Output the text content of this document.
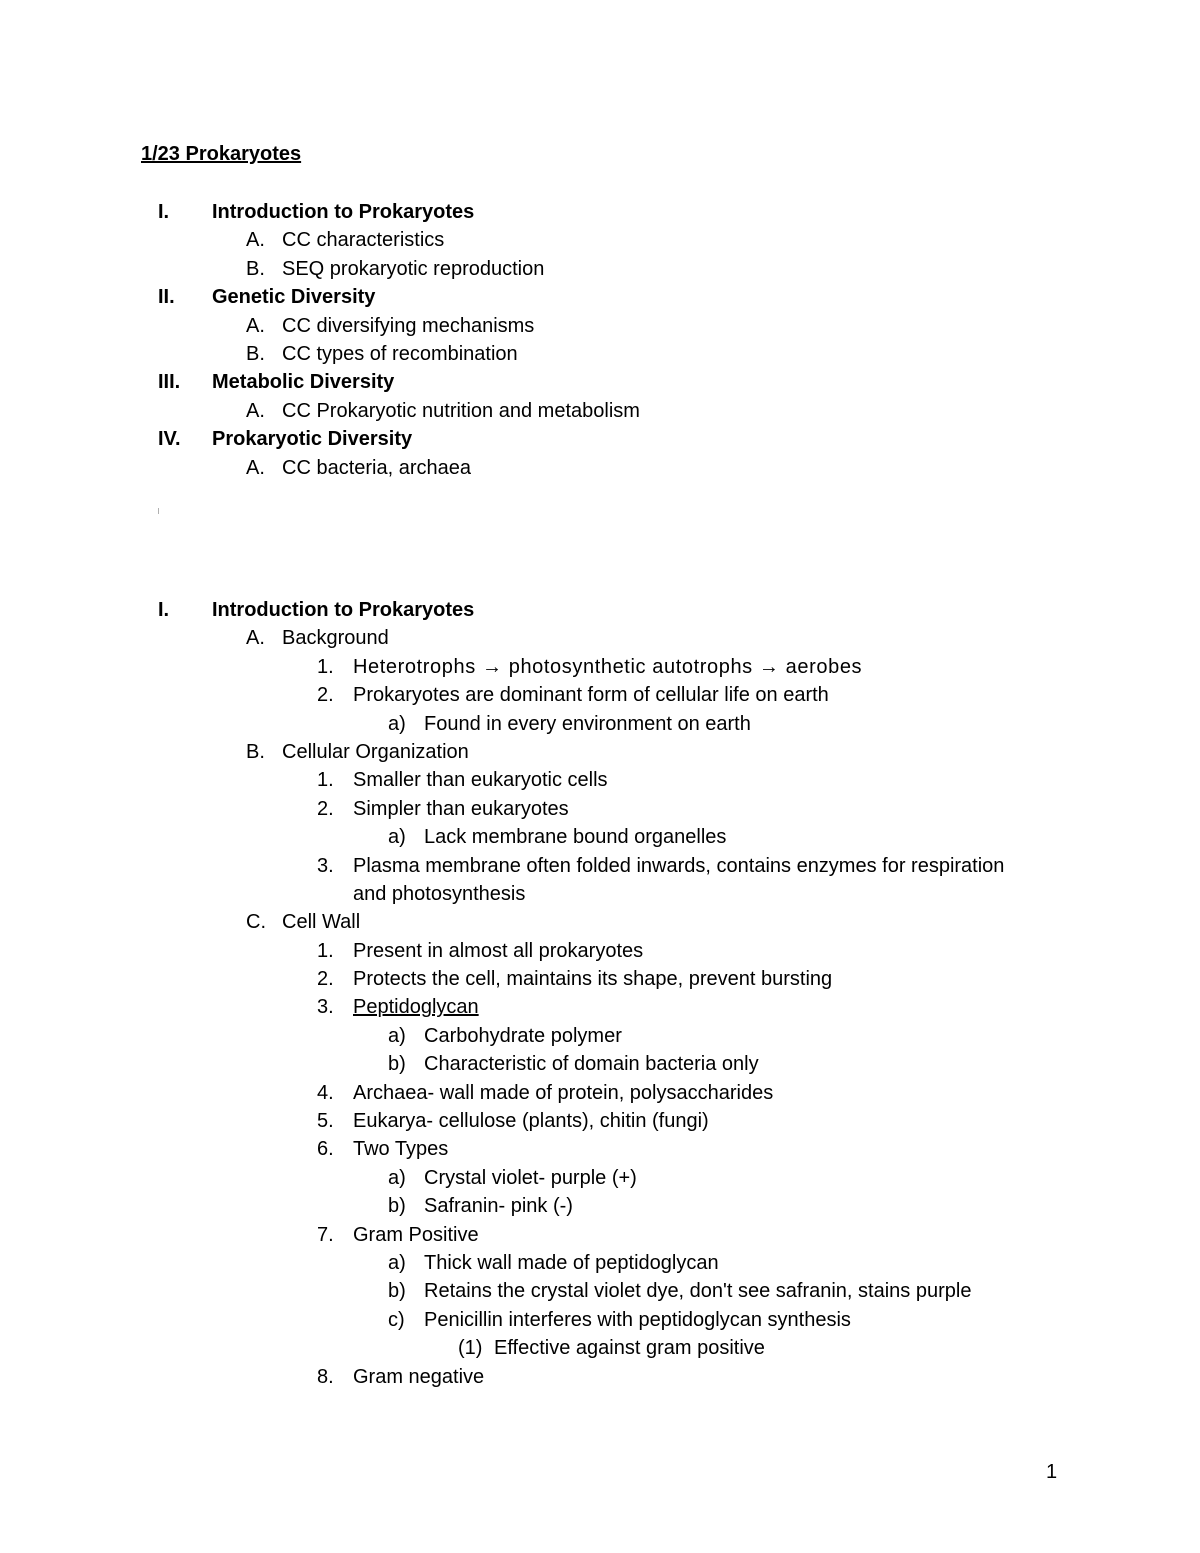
1/23 Prokaryotes
I. Introduction to Prokaryotes
A. CC characteristics
B. SEQ prokaryotic reproduction
II. Genetic Diversity
A. CC diversifying mechanisms
B. CC types of recombination
III. Metabolic Diversity
A. CC Prokaryotic nutrition and metabolism
IV. Prokaryotic Diversity
A. CC bacteria, archaea
I. Introduction to Prokaryotes
A. Background
1. Heterotrophs → photosynthetic autotrophs → aerobes
2. Prokaryotes are dominant form of cellular life on earth
a) Found in every environment on earth
B. Cellular Organization
1. Smaller than eukaryotic cells
2. Simpler than eukaryotes
a) Lack membrane bound organelles
3. Plasma membrane often folded inwards, contains enzymes for respiration
and photosynthesis
C. Cell Wall
1. Present in almost all prokaryotes
2. Protects the cell, maintains its shape, prevent bursting
3. Peptidoglycan
a) Carbohydrate polymer
b) Characteristic of domain bacteria only
4. Archaea- wall made of protein, polysaccharides
5. Eukarya- cellulose (plants), chitin (fungi)
6. Two Types
a) Crystal violet- purple (+)
b) Safranin- pink (-)
7. Gram Positive
a) Thick wall made of peptidoglycan
b) Retains the crystal violet dye, don't see safranin, stains purple
c) Penicillin interferes with peptidoglycan synthesis
(1) Effective against gram positive
8. Gram negative
1
